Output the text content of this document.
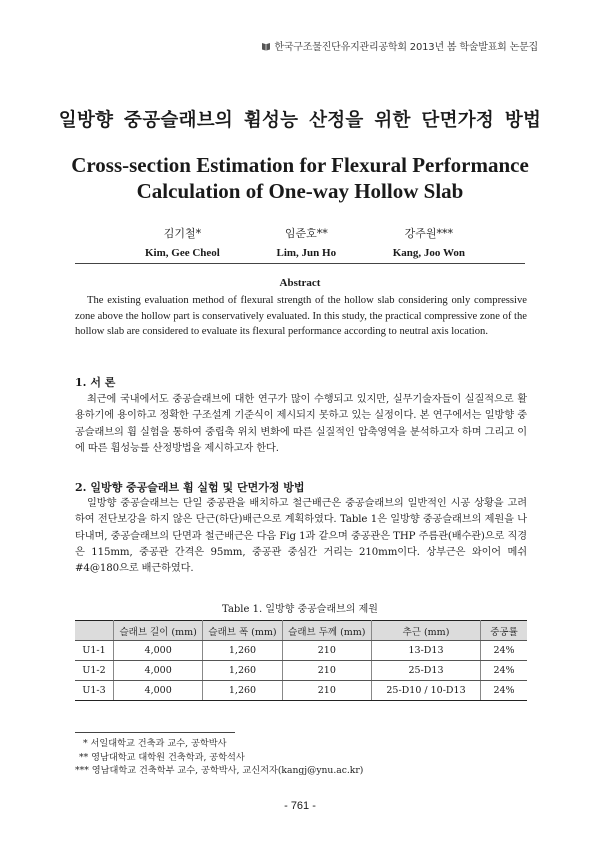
한국구조물진단유지관리공학회 2013년 봄 학술발표회 논문집
일방향 중공슬래브의 휨성능 산정을 위한 단면가정 방법
Cross-section Estimation for Flexural Performance
Calculation of One-way Hollow Slab
김기철*
Kim, Gee Cheol
임준호**
Lim, Jun Ho
강주원***
Kang, Joo Won
Abstract
The existing evaluation method of flexural strength of the hollow slab considering only compressive zone above the hollow part is conservatively evaluated. In this study, the practical compressive zone of the hollow slab are considered to evaluate its flexural performance according to neutral axis location.
1. 서 론
최근에 국내에서도 중공슬래브에 대한 연구가 많이 수행되고 있지만, 실무기술자들이 실질적으로 활용하기에 용이하고 정확한 구조설계 기준식이 제시되지 못하고 있는 실정이다. 본 연구에서는 일방향 중공슬래브의 휨 실험을 통하여 중립축 위치 변화에 따른 실질적인 압축영역을 분석하고자 하며 그리고 이에 따른 휨성능를 산정방법을 제시하고자 한다.
2. 일방향 중공슬래브 휨 실험 및 단면가정 방법
일방향 중공슬래브는 단일 중공관을 배치하고 철근배근은 중공슬래브의 일반적인 시공 상황을 고려하여 전단보강을 하지 않은 단근(하단)배근으로 계획하였다. Table 1은 일방향 중공슬래브의 제원을 나타내며, 중공슬래브의 단면과 철근배근은 다음 Fig 1과 같으며 중공관은 THP 주름관(배수관)으로 직경은 115mm, 중공관 간격은 95mm, 중공관 중심간 거리는 210mm이다. 상부근은 와이어 메쉬 #4@180으로 배근하였다.
Table 1. 일방향 중공슬래브의 제원
	슬래브 길이 (mm)	슬래브 폭 (mm)	슬래브 두께 (mm)	추근 (mm)	중공률
U1-1	4,000	1,260	210	13-D13	24%
U1-2	4,000	1,260	210	25-D13	24%
U1-3	4,000	1,260	210	25-D10 / 10-D13	24%
* 서일대학교 건축과 교수, 공학박사
** 영남대학교 대학원 건축학과, 공학석사
*** 영남대학교 건축학부 교수, 공학박사, 교신저자(kangj@ynu.ac.kr)
- 761 -
